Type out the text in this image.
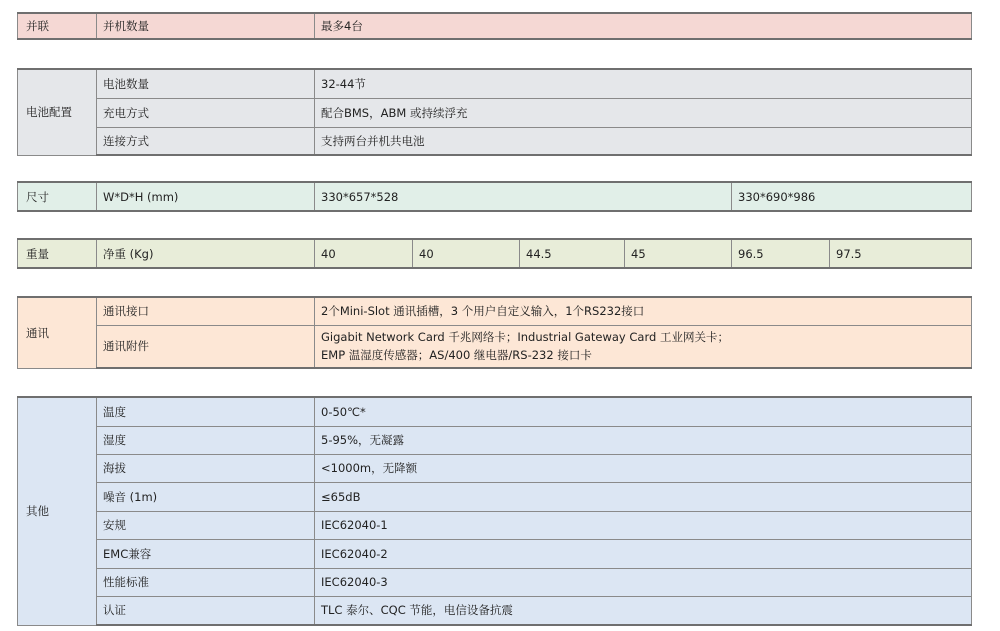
并联	并机数量	最多4台
电池配置	电池数量	32-44节
	充电方式	配合BMS，ABM 或持续浮充
	连接方式	支持两台并机共电池
尺寸	W*D*H (mm)	330*657*528	330*690*986
重量	净重 (Kg)	40	40	44.5	45	96.5	97.5
通讯	通讯接口	2个Mini-Slot 通讯插槽，3 个用户自定义输入，1个RS232接口
	通讯附件	Gigabit Network Card 千兆网络卡；Industrial Gateway Card 工业网关卡；
EMP 温湿度传感器；AS/400 继电器/RS-232 接口卡
其他	温度	0-50℃*
	湿度	5-95%，无凝露
	海拔	<1000m，无降额
	噪音 (1m)	≤65dB
	安规	IEC62040-1
	EMC兼容	IEC62040-2
	性能标准	IEC62040-3
	认证	TLC 泰尔、CQC 节能，电信设备抗震
